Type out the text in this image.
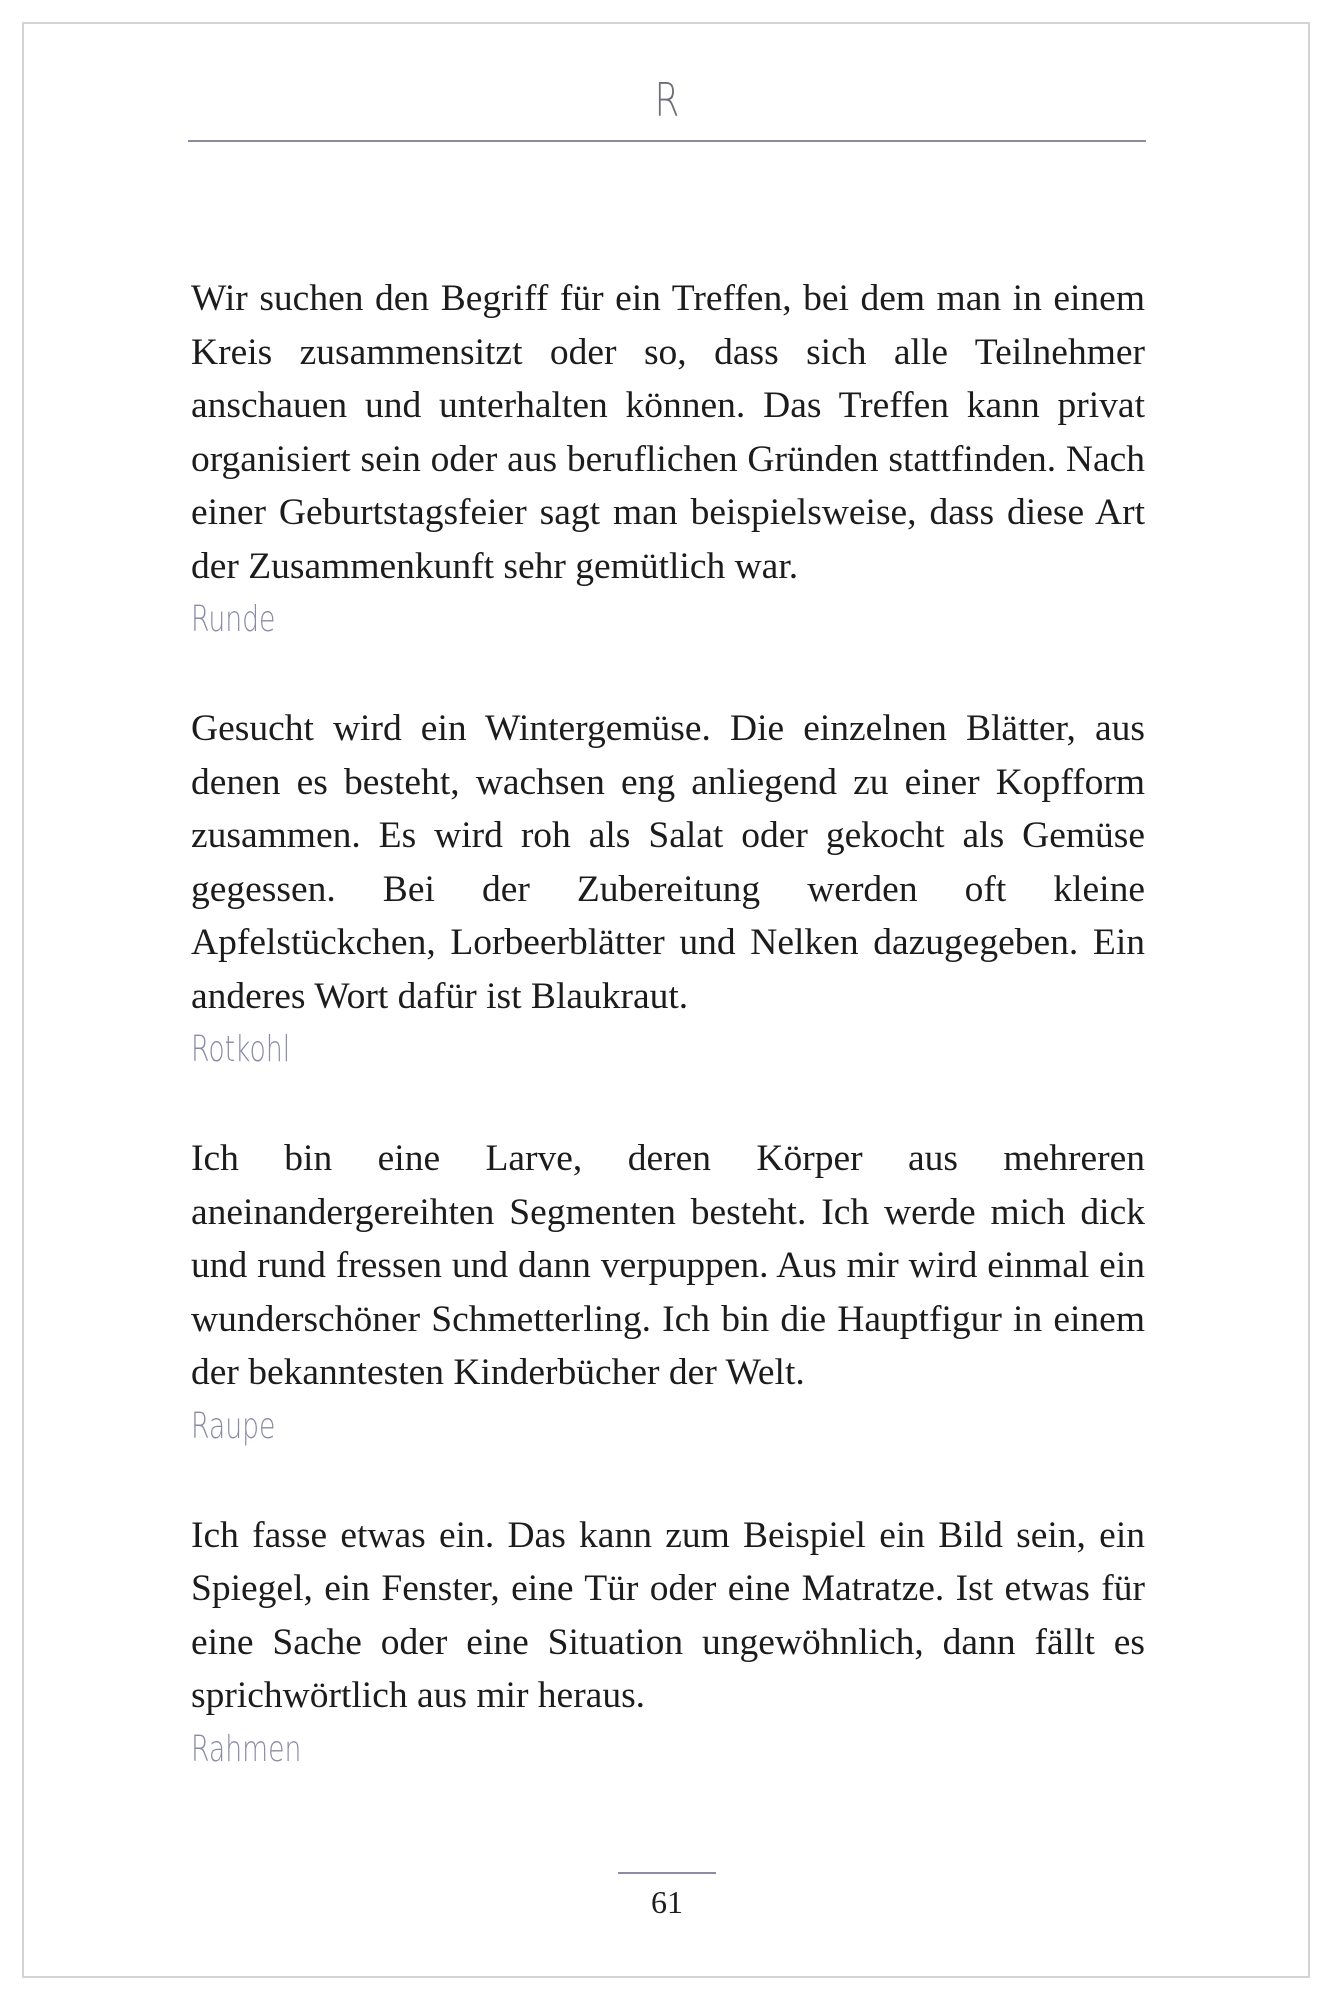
R

Wir suchen den Begriff für ein Treffen, bei dem man in einem Kreis zusammensitzt oder so, dass sich alle Teilnehmer anschauen und unterhalten können. Das Treffen kann privat organisiert sein oder aus beruflichen Gründen stattfinden. Nach einer Geburtstagsfeier sagt man beispielsweise, dass diese Art der Zusammenkunft sehr gemütlich war.

Runde

Gesucht wird ein Wintergemüse. Die einzelnen Blätter, aus denen es besteht, wachsen eng anliegend zu einer Kopfform zusammen. Es wird roh als Salat oder gekocht als Gemüse gegessen. Bei der Zubereitung werden oft kleine Apfelstückchen, Lorbeerblätter und Nelken dazugegeben. Ein anderes Wort dafür ist Blaukraut.

Rotkohl

Ich bin eine Larve, deren Körper aus mehreren aneinandergereihten Segmenten besteht. Ich werde mich dick und rund fressen und dann verpuppen. Aus mir wird einmal ein wunderschöner Schmetterling. Ich bin die Hauptfigur in einem der bekanntesten Kinderbücher der Welt.

Raupe

Ich fasse etwas ein. Das kann zum Beispiel ein Bild sein, ein Spiegel, ein Fenster, eine Tür oder eine Matratze. Ist etwas für eine Sache oder eine Situation ungewöhnlich, dann fällt es sprichwörtlich aus mir heraus.

Rahmen

61
